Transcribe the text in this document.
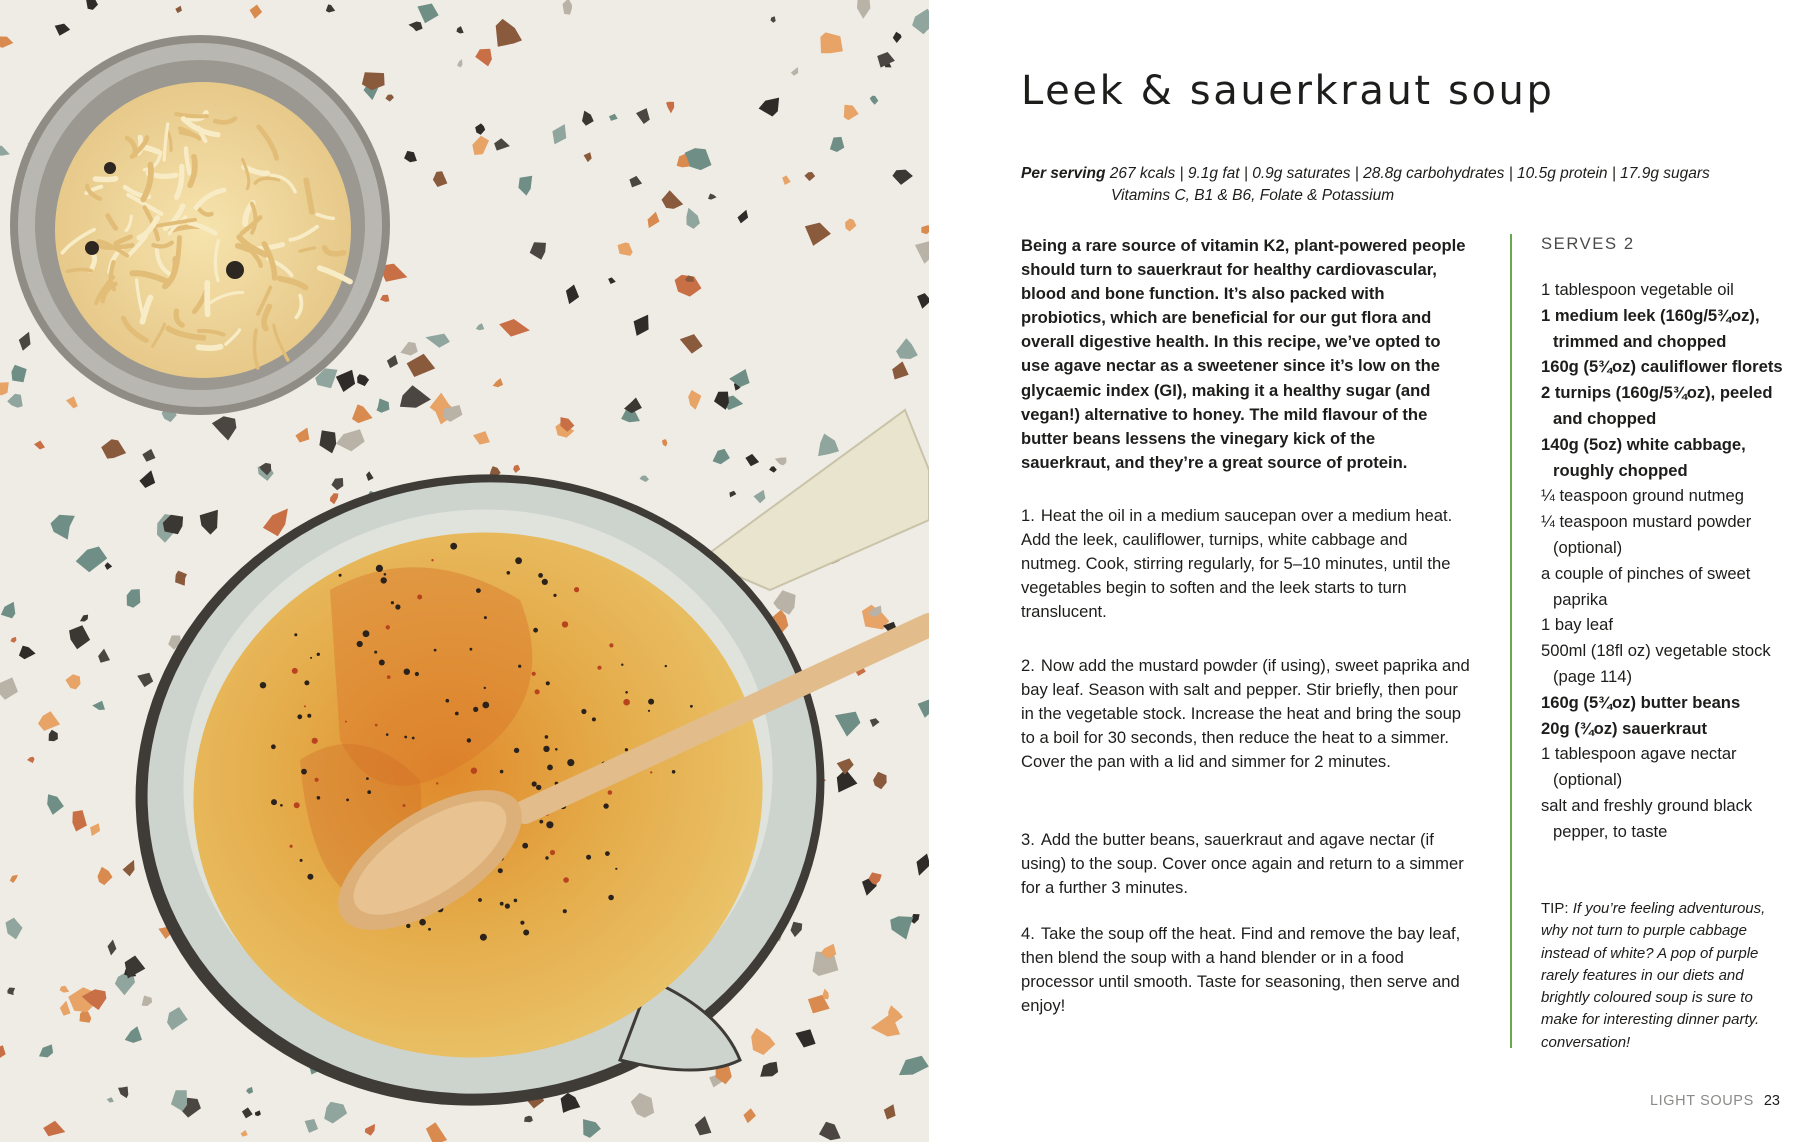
Leek & sauerkraut soup
Per serving 267 kcals | 9.1g fat | 0.9g saturates | 28.8g carbohydrates | 10.5g protein | 17.9g sugars
Vitamins C, B1 & B6, Folate & Potassium

Being a rare source of vitamin K2, plant-powered people should turn to sauerkraut for healthy cardiovascular, blood and bone function. It’s also packed with probiotics, which are beneficial for our gut flora and overall digestive health. In this recipe, we’ve opted to use agave nectar as a sweetener since it’s low on the glycaemic index (GI), making it a healthy sugar (and vegan!) alternative to honey. The mild flavour of the butter beans lessens the vinegary kick of the sauerkraut, and they’re a great source of protein.

1. Heat the oil in a medium saucepan over a medium heat. Add the leek, cauliflower, turnips, white cabbage and nutmeg. Cook, stirring regularly, for 5–10 minutes, until the vegetables begin to soften and the leek starts to turn translucent.

2. Now add the mustard powder (if using), sweet paprika and bay leaf. Season with salt and pepper. Stir briefly, then pour in the vegetable stock. Increase the heat and bring the soup to a boil for 30 seconds, then reduce the heat to a simmer. Cover the pan with a lid and simmer for 2 minutes.

3. Add the butter beans, sauerkraut and agave nectar (if using) to the soup. Cover once again and return to a simmer for a further 3 minutes.

4. Take the soup off the heat. Find and remove the bay leaf, then blend the soup with a hand blender or in a food processor until smooth. Taste for seasoning, then serve and enjoy!

SERVES 2
1 tablespoon vegetable oil
1 medium leek (160g/5¾oz), trimmed and chopped
160g (5¾oz) cauliflower florets
2 turnips (160g/5¾oz), peeled and chopped
140g (5oz) white cabbage, roughly chopped
¼ teaspoon ground nutmeg
¼ teaspoon mustard powder (optional)
a couple of pinches of sweet paprika
1 bay leaf
500ml (18fl oz) vegetable stock (page 114)
160g (5¾oz) butter beans
20g (¾oz) sauerkraut
1 tablespoon agave nectar (optional)
salt and freshly ground black pepper, to taste

TIP: If you’re feeling adventurous, why not turn to purple cabbage instead of white? A pop of purple rarely features in our diets and brightly coloured soup is sure to make for interesting dinner party. conversation!

LIGHT SOUPS 23
